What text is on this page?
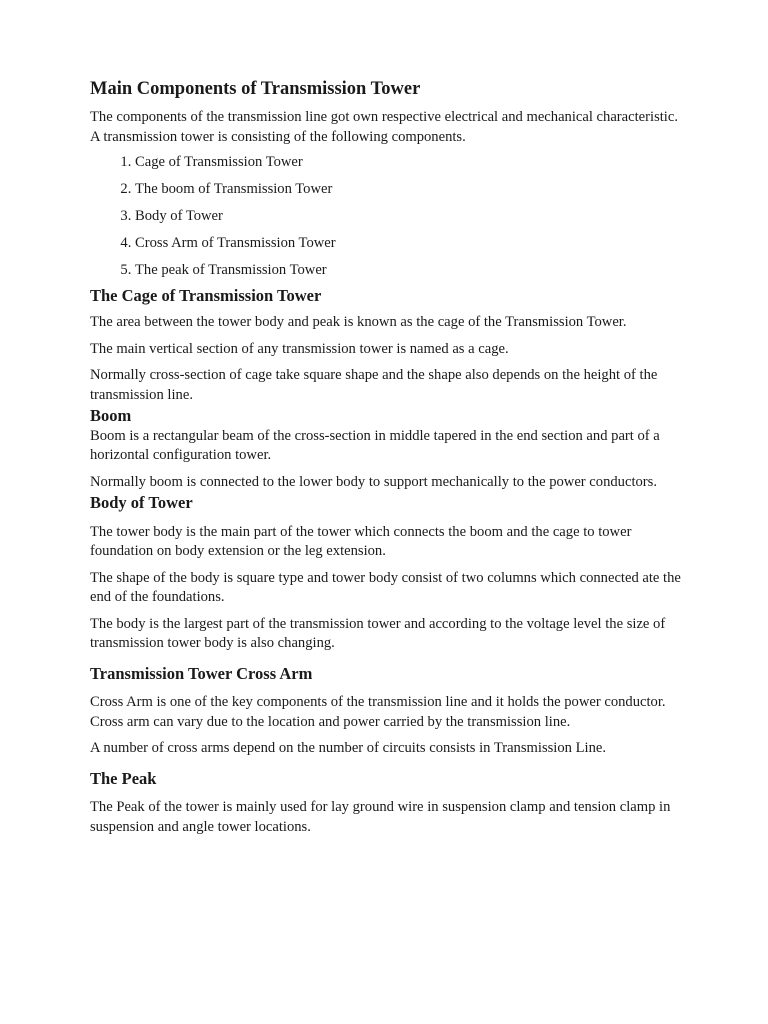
Main Components of Transmission Tower

The components of the transmission line got own respective electrical and mechanical characteristic. A transmission tower is consisting of the following components.

1. Cage of Transmission Tower
2. The boom of Transmission Tower
3. Body of Tower
4. Cross Arm of Transmission Tower
5. The peak of Transmission Tower
The Cage of Transmission Tower

The area between the tower body and peak is known as the cage of the Transmission Tower.

The main vertical section of any transmission tower is named as a cage.

Normally cross-section of cage take square shape and the shape also depends on the height of the transmission line.

Boom

Boom is a rectangular beam of the cross-section in middle tapered in the end section and part of a horizontal configuration tower.

Normally boom is connected to the lower body to support mechanically to the power conductors.

Body of Tower

The tower body is the main part of the tower which connects the boom and the cage to tower foundation on body extension or the leg extension.

The shape of the body is square type and tower body consist of two columns which connected ate the end of the foundations.

The body is the largest part of the transmission tower and according to the voltage level the size of transmission tower body is also changing.

Transmission Tower Cross Arm

Cross Arm is one of the key components of the transmission line and it holds the power conductor. Cross arm can vary due to the location and power carried by the transmission line.

A number of cross arms depend on the number of circuits consists in Transmission Line.

The Peak

The Peak of the tower is mainly used for lay ground wire in suspension clamp and tension clamp in suspension and angle tower locations.
